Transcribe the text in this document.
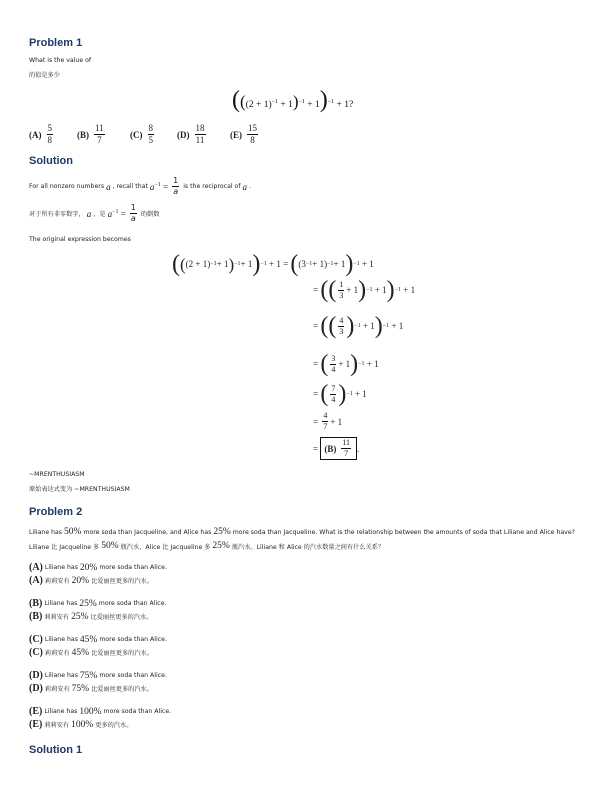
Problem 1
What is the value of
的值是多少
$(((2 + 1)^{-1} + 1)^{-1} + 1)^{-1} + 1$?
$(A) \frac{5}{8}$	$(B) \frac{11}{7}$	$(C) \frac{8}{5}$	$(D) \frac{18}{11}$	$(E) \frac{15}{8}$
Solution
For all nonzero numbers a , recall that $a^{-1} = \frac{1}{a}$ is the reciprocal of a .
对于所有非零数字， a ，是 $a^{-1} = \frac{1}{a}$ 的倒数
The original expression becomes
( ( (2 + 1) −1 + 1 ) −1 + 1 ) −1 + 1 = ( (3 −1 + 1) −1 + 1 ) −1 + 1
= ( ( $\frac{1}{3} + 1$ ) −1 + 1 ) −1 + 1
= ( ( $\frac{4}{3}$ ) −1 + 1 ) −1 + 1
= ( $\frac{3}{4} + 1$ ) −1 + 1
= ( $\frac{7}{4}$ ) −1 + 1
= $\frac{4}{7} + 1$
= $(B) \frac{11}{7}$ .
~MRENTHUSIASM
原始表达式变为 ~MRENTHUSIASM
Problem 2
Liliane has 50% more soda than Jacqueline, and Alice has 25% more soda than Jacqueline. What is the relationship between the amounts of soda that Liliane and Alice have?
Liliane 比 Jacqueline 多 50% 瓶汽水，Alice 比 Jacqueline 多 25% 瓶汽水。Liliane 和 Alice 的汽水数量之间有什么关系？
(A) Liliane has 20% more soda than Alice.
(A) 莉莉安有 20% 比爱丽丝更多的汽水。
(B) Liliane has 25% more soda than Alice.
(B) 莉莉安有 25% 比爱丽丝更多的汽水。
(C) Liliane has 45% more soda than Alice.
(C) 莉莉安有 45% 比爱丽丝更多的汽水。
(D) Liliane has 75% more soda than Alice.
(D) 莉莉安有 75% 比爱丽丝更多的汽水。
(E) Liliane has 100% more soda than Alice.
(E) 莉莉安有 100% 更多的汽水。
Solution 1
